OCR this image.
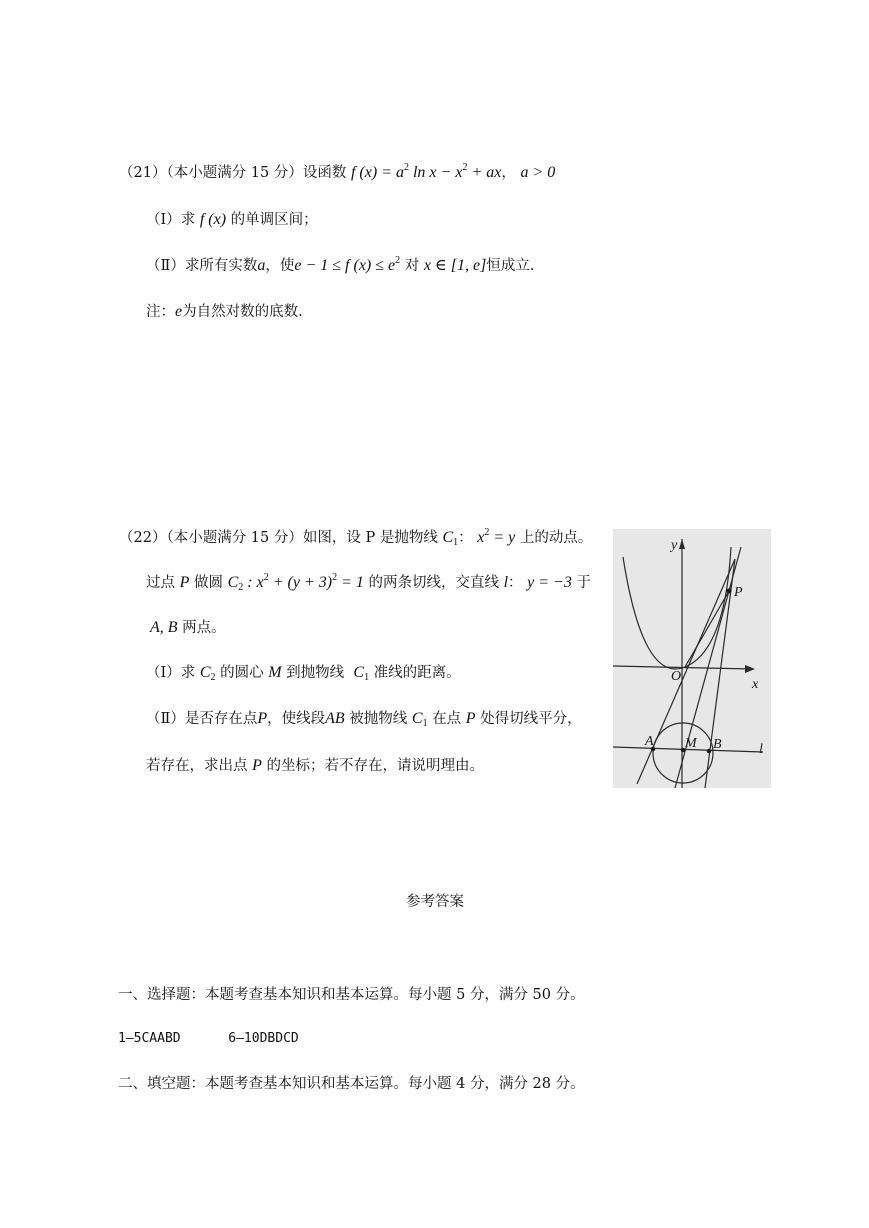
（21）（本小题满分 15 分）设函数 f $(x) = a^2$ $\ln x - x^2$ + ax， a > 0
（Ⅰ）求 f (x) 的单调区间；
（Ⅱ）求所有实数a，使e − 1 ≤ f $(x) \le e^2$ 对 x ∈ [1, e]恒成立.
注：e为自然对数的底数.
（22）（本小题满分 15 分）如图，设 P 是抛物线 $C_1$： $x^2 = y$ 上的动点。
过点 P 做圆 $C_2$ : $x^2 + (y + 3)^2 = 1$ 的两条切线，交直线 l： y = −3 于
A, B 两点。
（Ⅰ）求 $C_2$ 的圆心 M 到抛物线 $C_1$ 准线的距离。
（Ⅱ）是否存在点P，使线段AB 被抛物线 $C_1$ 在点 P 处得切线平分，
若存在，求出点 P 的坐标；若不存在，请说明理由。
y
x
O
P
A M B	l
参考答案
一、选择题：本题考查基本知识和基本运算。每小题 5 分，满分 50 分。
1—5CAABD	6—10DBDCD
二、填空题：本题考查基本知识和基本运算。每小题 4 分，满分 28 分。
